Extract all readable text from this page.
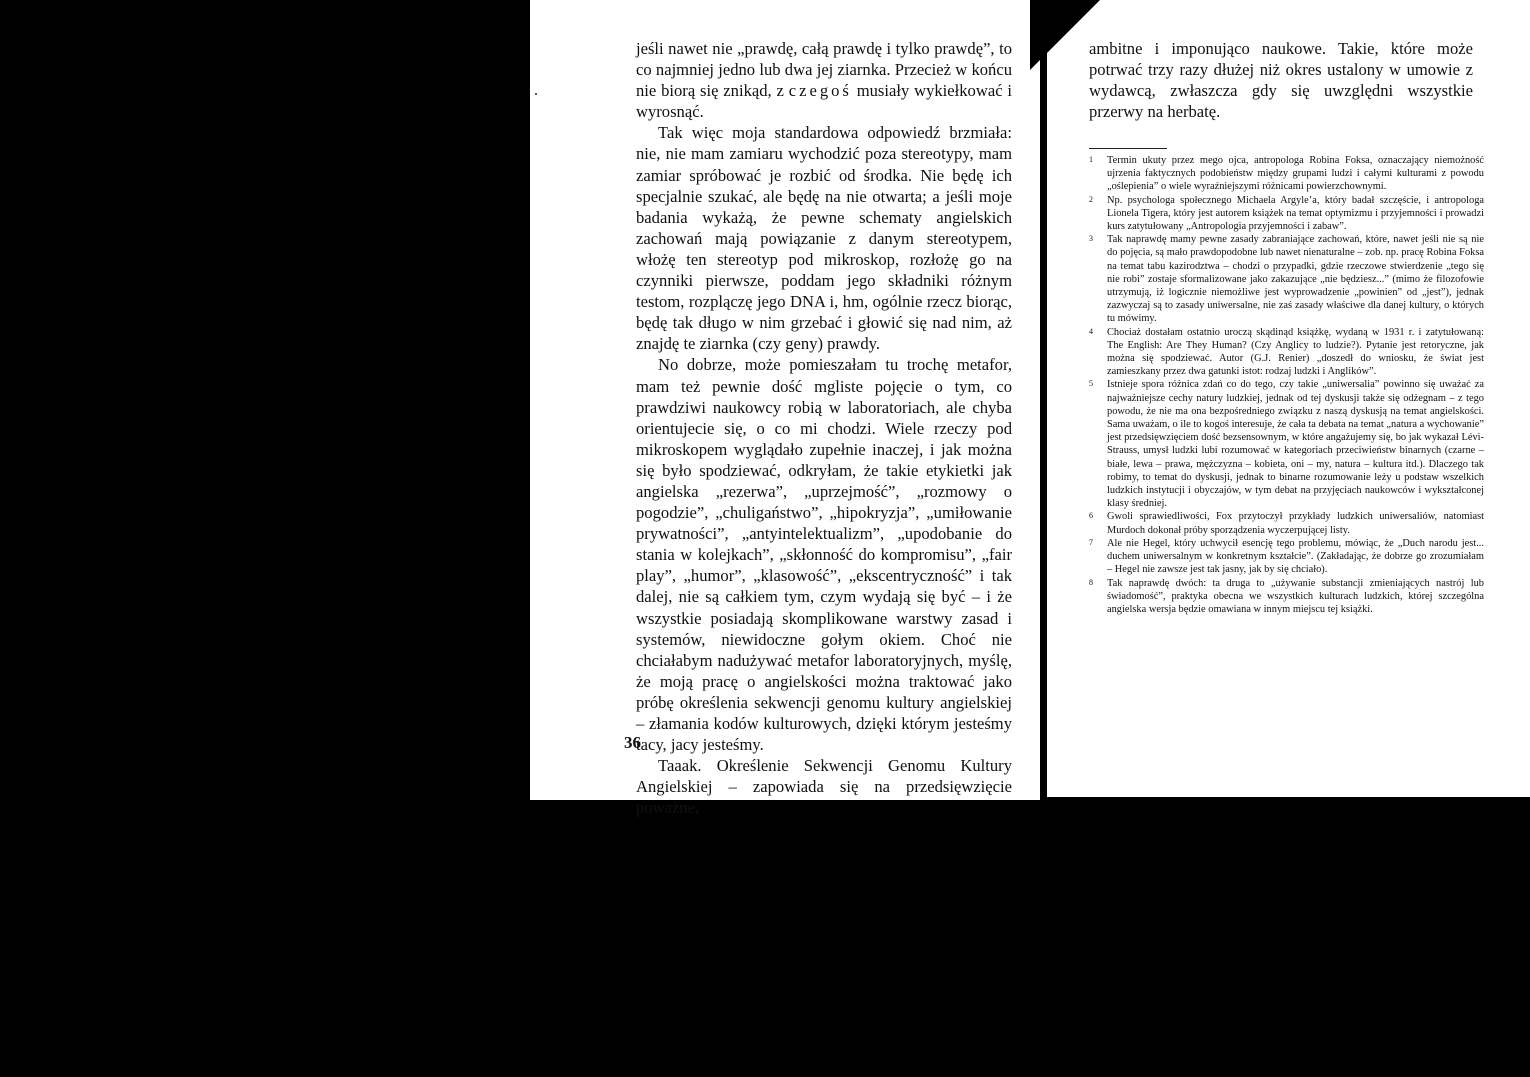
jeśli nawet nie „prawdę, całą prawdę i tylko prawdę”, to co najmniej jedno lub dwa jej ziarnka. Przecież w końcu nie biorą się znikąd, z czegoś musiały wykiełkować i wyrosnąć.

Tak więc moja standardowa odpowiedź brzmiała: nie, nie mam zamiaru wychodzić poza stereotypy, mam zamiar spróbować je rozbić od środka. Nie będę ich specjalnie szukać, ale będę na nie otwarta; a jeśli moje badania wykażą, że pewne schematy angielskich zachowań mają powiązanie z danym stereotypem, włożę ten stereotyp pod mikroskop, rozłożę go na czynniki pierwsze, poddam jego składniki różnym testom, rozplączę jego DNA i, hm, ogólnie rzecz biorąc, będę tak długo w nim grzebać i głowić się nad nim, aż znajdę te ziarnka (czy geny) prawdy.

No dobrze, może pomieszałam tu trochę metafor, mam też pewnie dość mgliste pojęcie o tym, co prawdziwi naukowcy robią w laboratoriach, ale chyba orientujecie się, o co mi chodzi. Wiele rzeczy pod mikroskopem wyglądało zupełnie inaczej, i jak można się było spodziewać, odkryłam, że takie etykietki jak angielska „rezerwa”, „uprzejmość”, „rozmowy o pogodzie”, „chuligaństwo”, „hipokryzja”, „umiłowanie prywatności”, „antyintelektualizm”, „upodobanie do stania w kolejkach”, „skłonność do kompromisu”, „fair play”, „humor”, „klasowość”, „ekscentryczność” i tak dalej, nie są całkiem tym, czym wydają się być – i że wszystkie posiadają skomplikowane warstwy zasad i systemów, niewidoczne gołym okiem. Choć nie chciałabym nadużywać metafor laboratoryjnych, myślę, że moją pracę o angielskości można traktować jako próbę określenia sekwencji genomu kultury angielskiej – złamania kodów kulturowych, dzięki którym jesteśmy tacy, jacy jesteśmy.

Taaak. Określenie Sekwencji Genomu Kultury Angielskiej – zapowiada się na przedsięwzięcie poważne,

36
ambitne i imponująco naukowe. Takie, które może potrwać trzy razy dłużej niż okres ustalony w umowie z wydawcą, zwłaszcza gdy się uwzględni wszystkie przerwy na herbatę.

1 Termin ukuty przez mego ojca, antropologa Robina Foksa, oznaczający niemożność ujrzenia faktycznych podobieństw między grupami ludzi i całymi kulturami z powodu „oślepienia” o wiele wyraźniejszymi różnicami powierzchownymi.

2 Np. psychologa społecznego Michaela Argyle’a, który badał szczęście, i antropologa Lionela Tigera, który jest autorem książek na temat optymizmu i przyjemności i prowadzi kurs zatytułowany „Antropologia przyjemności i zabaw”.

3 Tak naprawdę mamy pewne zasady zabraniające zachowań, które, nawet jeśli nie są nie do pojęcia, są mało prawdopodobne lub nawet nienaturalne – zob. np. pracę Robina Foksa na temat tabu kazirodztwa – chodzi o przypadki, gdzie rzeczowe stwierdzenie „tego się nie robi” zostaje sformalizowane jako zakazujące „nie będziesz...” (mimo że filozofowie utrzymują, iż logicznie niemożliwe jest wyprowadzenie „powinien” od „jest”), jednak zazwyczaj są to zasady uniwersalne, nie zaś zasady właściwe dla danej kultury, o których tu mówimy.

4 Chociaż dostałam ostatnio uroczą skądinąd książkę, wydaną w 1931 r. i zatytułowaną: The English: Are They Human? (Czy Anglicy to ludzie?). Pytanie jest retoryczne, jak można się spodziewać. Autor (G.J. Renier) „doszedł do wniosku, że świat jest zamieszkany przez dwa gatunki istot: rodzaj ludzki i Anglików”.

5 Istnieje spora różnica zdań co do tego, czy takie „uniwersalia” powinno się uważać za najważniejsze cechy natury ludzkiej, jednak od tej dyskusji także się odżegnam – z tego powodu, że nie ma ona bezpośredniego związku z naszą dyskusją na temat angielskości. Sama uważam, o ile to kogoś interesuje, że cała ta debata na temat „natura a wychowanie” jest przedsięwzięciem dość bezsensownym, w które angażujemy się, bo jak wykazał Lévi-Strauss, umysł ludzki lubi rozumować w kategoriach przeciwieństw binarnych (czarne – białe, lewa – prawa, mężczyzna – kobieta, oni – my, natura – kultura itd.). Dlaczego tak robimy, to temat do dyskusji, jednak to binarne rozumowanie leży u podstaw wszelkich ludzkich instytucji i obyczajów, w tym debat na przyjęciach naukowców i wykształconej klasy średniej.

6 Gwoli sprawiedliwości, Fox przytoczył przykłady ludzkich uniwersaliów, natomiast Murdoch dokonał próby sporządzenia wyczerpującej listy.

7 Ale nie Hegel, który uchwycił esencję tego problemu, mówiąc, że „Duch narodu jest... duchem uniwersalnym w konkretnym kształcie”. (Zakładając, że dobrze go zrozumiałam – Hegel nie zawsze jest tak jasny, jak by się chciało).

8 Tak naprawdę dwóch: ta druga to „używanie substancji zmieniających nastrój lub świadomość”, praktyka obecna we wszystkich kulturach ludzkich, której szczególna angielska wersja będzie omawiana w innym miejscu tej książki.
